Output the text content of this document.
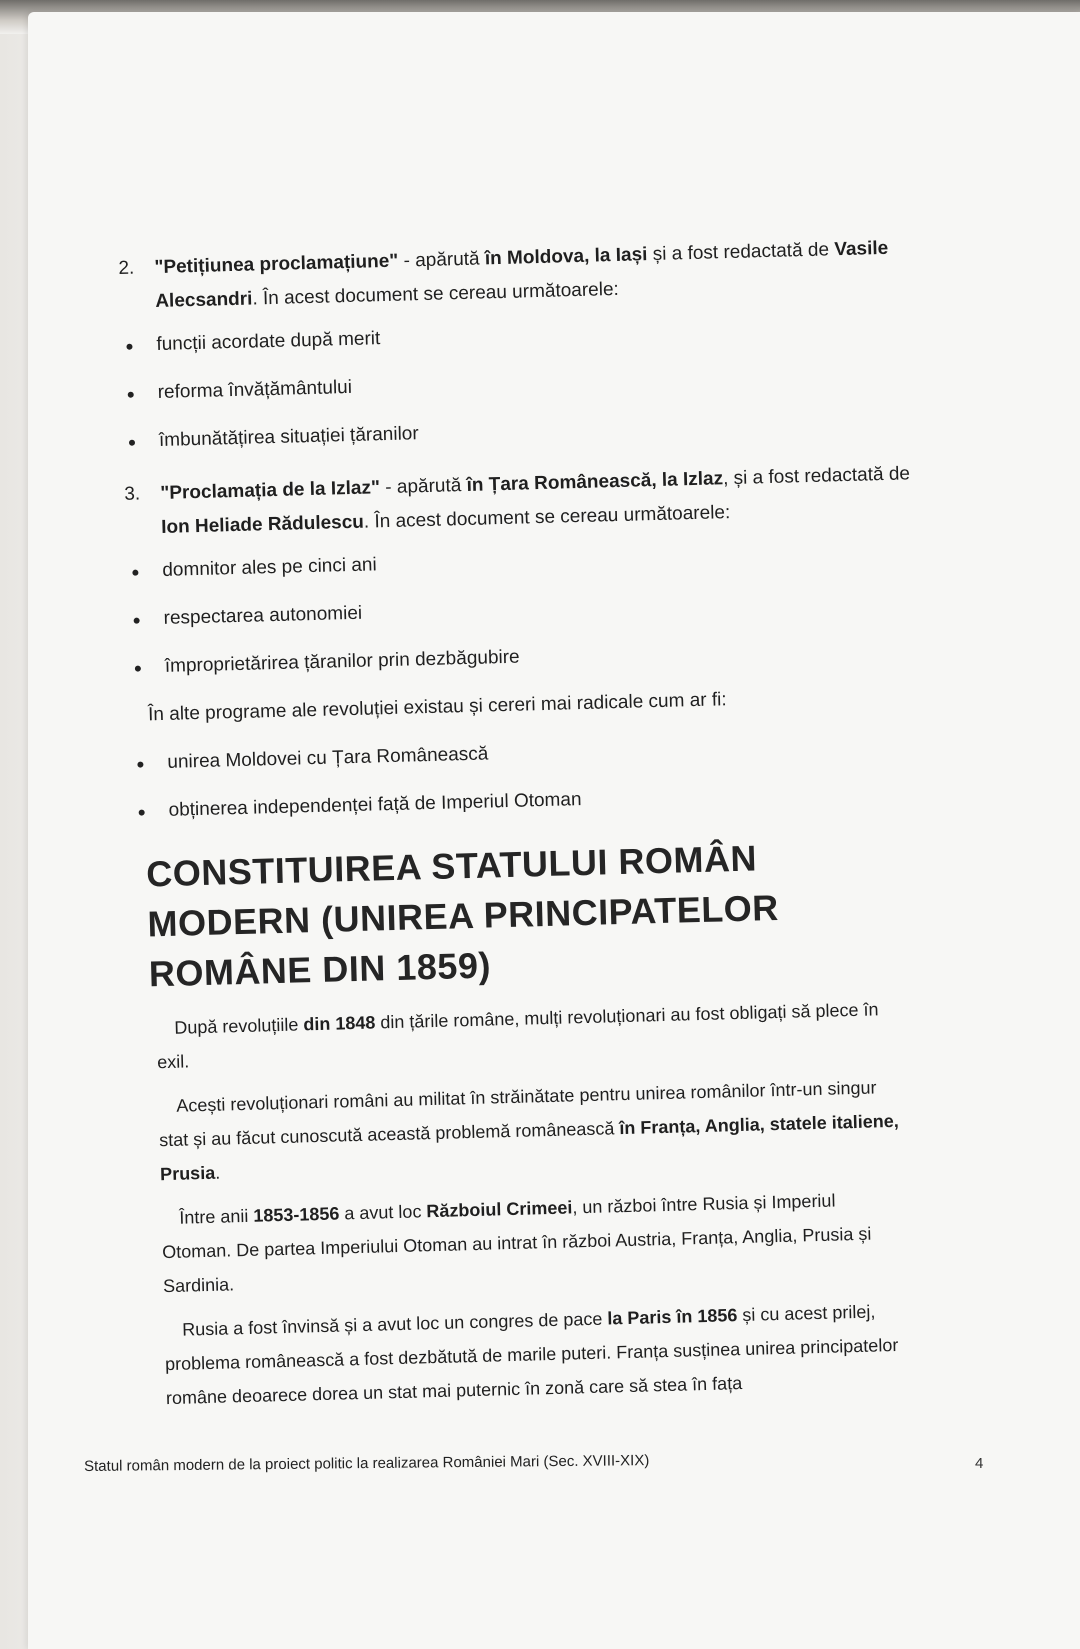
2. "Petițiunea proclamațiune" - apărută în Moldova, la Iași și a fost redactată de Vasile Alecsandri. În acest document se cereau următoarele:

funcții acordate după merit
reforma învățământului
îmbunătățirea situației țăranilor

3. "Proclamația de la Izlaz" - apărută în Țara Românească, la Izlaz, și a fost redactată de Ion Heliade Rădulescu. În acest document se cereau următoarele:

domnitor ales pe cinci ani
respectarea autonomiei
împroprietărirea țăranilor prin dezbăgubire

În alte programe ale revoluției existau și cereri mai radicale cum ar fi:

unirea Moldovei cu Țara Românească
obținerea independenței față de Imperiul Otoman
CONSTITUIREA STATULUI ROMÂN
MODERN (UNIREA PRINCIPATELOR
ROMÂNE DIN 1859)

După revoluțiile din 1848 din țările române, mulți revoluționari au fost obligați să plece în exil.

Acești revoluționari români au militat în străinătate pentru unirea românilor într-un singur stat și au făcut cunoscută această problemă românească în Franța, Anglia, statele italiene, Prusia.

Între anii 1853-1856 a avut loc Războiul Crimeei, un război între Rusia și Imperiul Otoman. De partea Imperiului Otoman au intrat în război Austria, Franța, Anglia, Prusia și Sardinia.

Rusia a fost învinsă și a avut loc un congres de pace la Paris în 1856 și cu acest prilej, problema românească a fost dezbătută de marile puteri. Franța susținea unirea principatelor române deoarece dorea un stat mai puternic în zonă care să stea în fața

Statul român modern de la proiect politic la realizarea României Mari (Sec. XVIII-XIX)	4
